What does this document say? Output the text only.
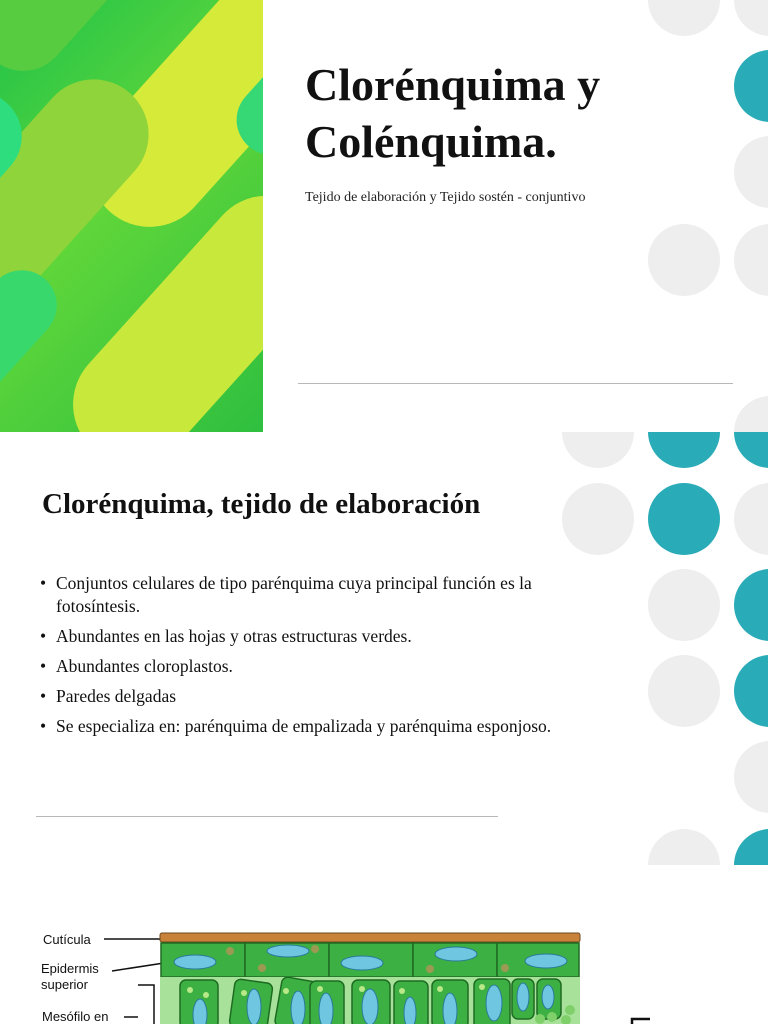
Clorénquima y
Colénquima.
Tejido de elaboración y Tejido sostén - conjuntivo
Clorénquima, tejido de elaboración
• Conjuntos celulares de tipo parénquima cuya principal función es la fotosíntesis.
• Abundantes en las hojas y otras estructuras verdes.
• Abundantes cloroplastos.
• Paredes delgadas
• Se especializa en: parénquima de empalizada y parénquima esponjoso.
Cutícula
Epidermis
superior
Mesófilo en
